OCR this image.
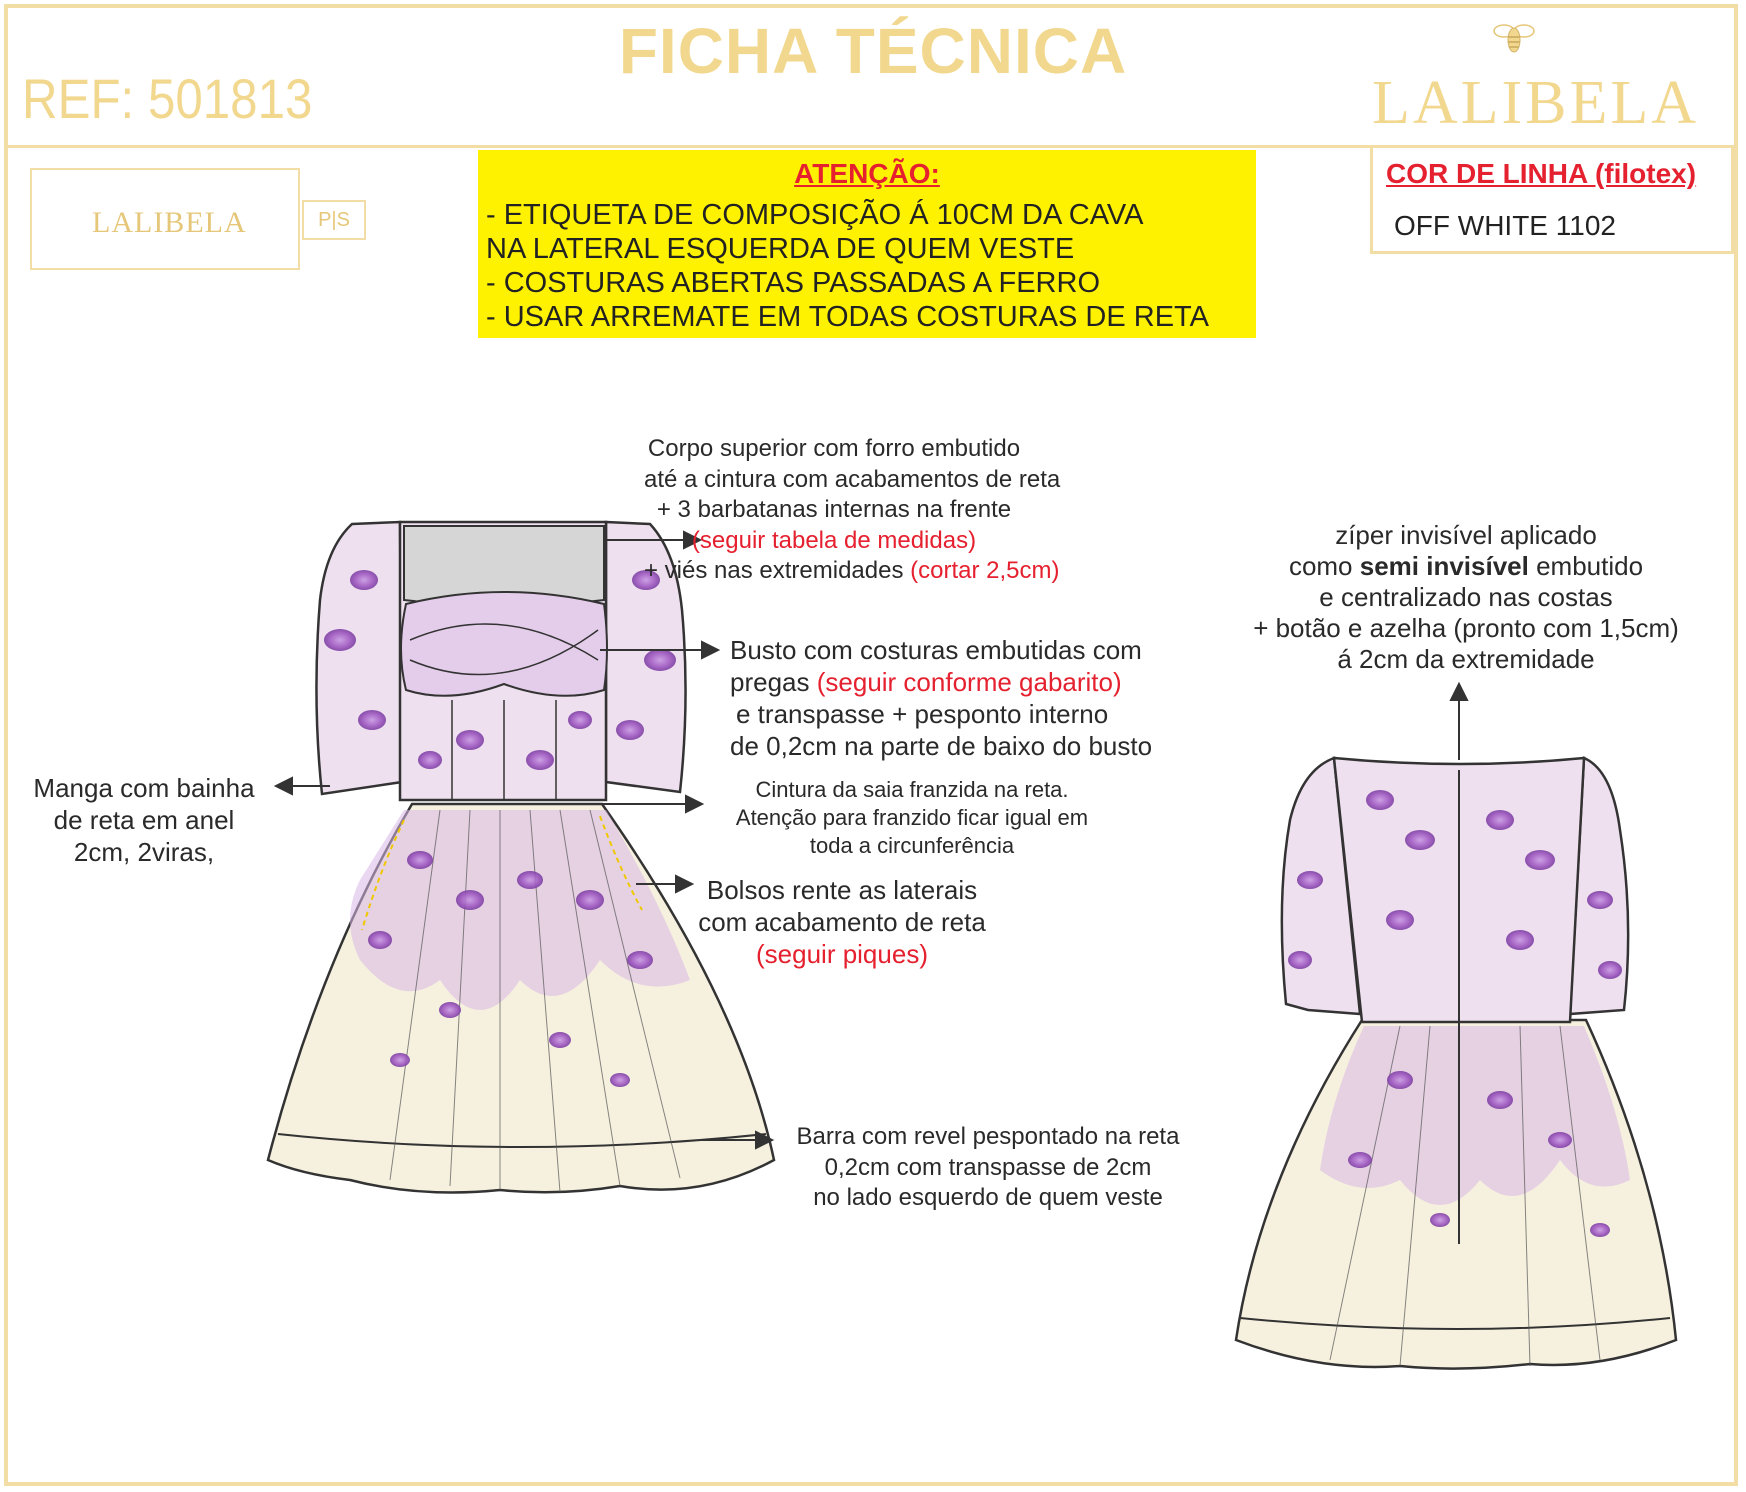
FICHA TÉCNICA
REF: 501813	LALIBELA
LALIBELA	P|S
ATENÇÃO:
- ETIQUETA DE COMPOSIÇÃO Á 10CM DA CAVA
NA LATERAL ESQUERDA DE QUEM VESTE
- COSTURAS ABERTAS PASSADAS A FERRO
- USAR ARREMATE EM TODAS COSTURAS DE RETA
COR DE LINHA (filotex)
OFF WHITE 1102
Corpo superior com forro embutido
até a cintura com acabamentos de reta
+ 3 barbatanas internas na frente
(seguir tabela de medidas)
+ viés nas extremidades (cortar 2,5cm)
Busto com costuras embutidas com
pregas (seguir conforme gabarito)
e transpasse + pesponto interno
de 0,2cm na parte de baixo do busto
Manga com bainha
de reta em anel
2cm, 2viras,
Cintura da saia franzida na reta.
Atenção para franzido ficar igual em
toda a circunferência
Bolsos rente as laterais
com acabamento de reta
(seguir piques)
Barra com revel pespontado na reta
0,2cm com transpasse de 2cm
no lado esquerdo de quem veste
zíper invisível aplicado
como semi invisível embutido
e centralizado nas costas
+ botão e azelha (pronto com 1,5cm)
á 2cm da extremidade
